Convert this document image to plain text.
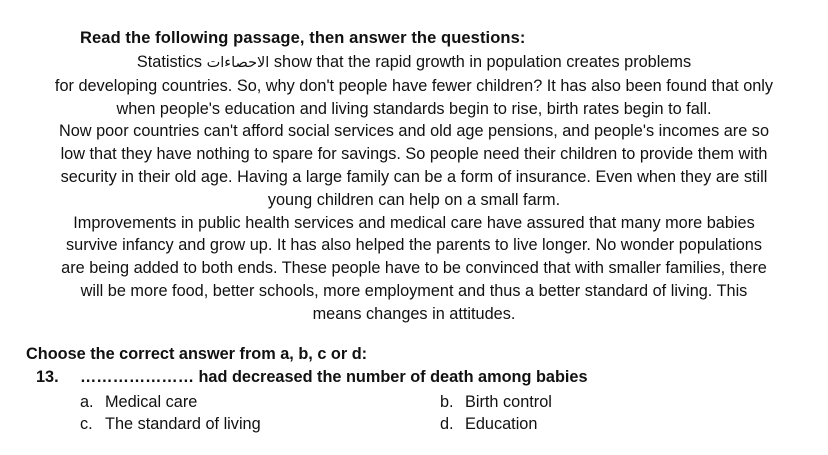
Read the following passage, then answer the questions:
Statistics الاحصاءات show that the rapid growth in population creates problems
for developing countries. So, why don't people have fewer children? It has also been found that only
when people's education and living standards begin to rise, birth rates begin to fall.
Now poor countries can't afford social services and old age pensions, and people's incomes are so
low that they have nothing to spare for savings. So people need their children to provide them with
security in their old age. Having a large family can be a form of insurance. Even when they are still
young children can help on a small farm.
Improvements in public health services and medical care have assured that many more babies
survive infancy and grow up. It has also helped the parents to live longer. No wonder populations
are being added to both ends. These people have to be convinced that with smaller families, there
will be more food, better schools, more employment and thus a better standard of living. This
means changes in attitudes.
Choose the correct answer from a, b, c or d:
13. ………………… had decreased the number of death among babies
a. Medical care	b. Birth control
c. The standard of living	d. Education
